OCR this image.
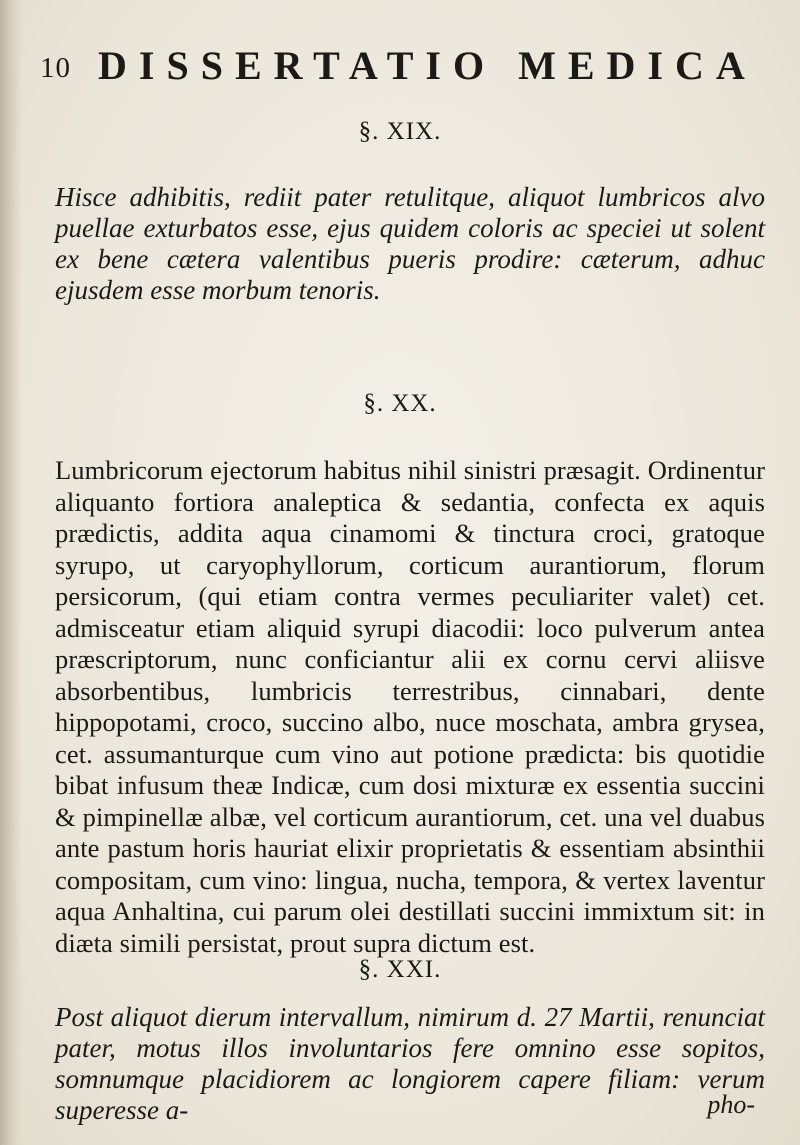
10 DISSERTATIO MEDICA
§. XIX.

Hisce adhibitis, rediit pater retulitque, aliquot lumbricos alvo puellae exturbatos esse, ejus quidem coloris ac speciei ut solent ex bene cætera valentibus pueris prodire: cæterum, adhuc ejusdem esse morbum tenoris.

§. XX.

Lumbricorum ejectorum habitus nihil sinistri præsagit. Ordinentur aliquanto fortiora analeptica & sedantia, confecta ex aquis prædictis, addita aqua cinamomi & tinctura croci, gratoque syrupo, ut caryophyllorum, corticum aurantiorum, florum persicorum, (qui etiam contra vermes peculiariter valet) cet. admisceatur etiam aliquid syrupi diacodii: loco pulverum antea præscriptorum, nunc conficiantur alii ex cornu cervi aliisve absorbentibus, lumbricis terrestribus, cinnabari, dente hippopotami, croco, succino albo, nuce moschata, ambra grysea, cet. assumanturque cum vino aut potione prædicta: bis quotidie bibat infusum theæ Indicæ, cum dosi mixturæ ex essentia succini & pimpinellæ albæ, vel corticum aurantiorum, cet. una vel duabus ante pastum horis hauriat elixir proprietatis & essentiam absinthii compositam, cum vino: lingua, nucha, tempora, & vertex laventur aqua Anhaltina, cui parum olei destillati succini immixtum sit: in diæta simili persistat, prout supra dictum est.

§. XXI.

Post aliquot dierum intervallum, nimirum d. 27 Martii, renunciat pater, motus illos involuntarios fere omnino esse sopitos, somnumque placidiorem ac longiorem capere filiam: verum superesse a-	pho-
